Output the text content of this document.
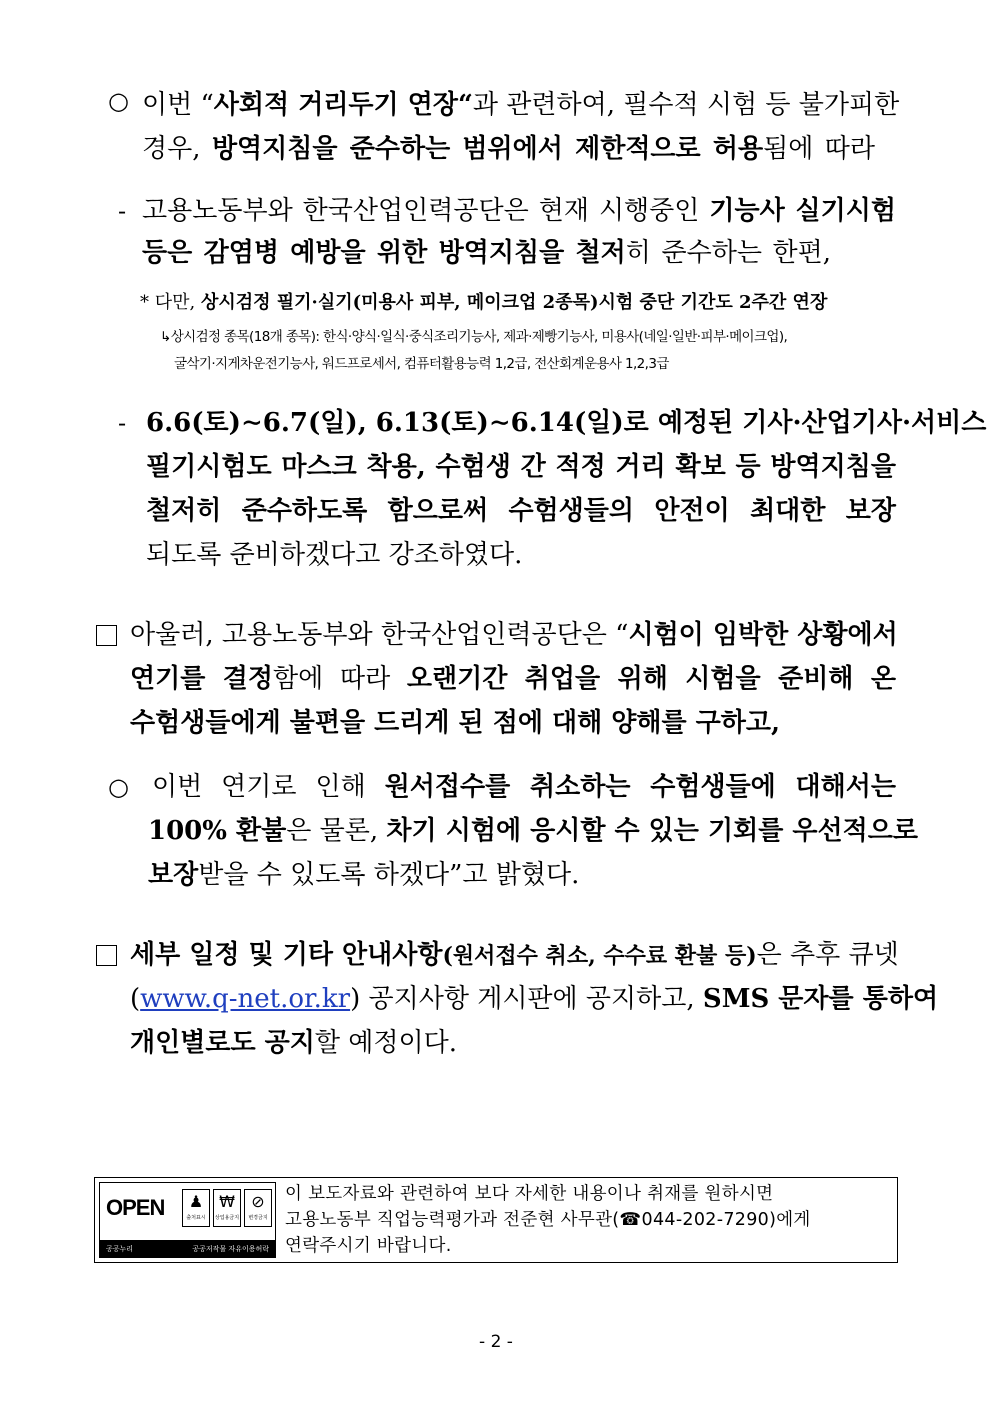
○ 이번 “사회적 거리두기 연장“과 관련하여, 필수적 시험 등 불가피한
경우, 방역지침을 준수하는 범위에서 제한적으로 허용됨에 따라
- 고용노동부와 한국산업인력공단은 현재 시행중인 기능사 실기시험
등은 감염병 예방을 위한 방역지침을 철저히 준수하는 한편,
* 다만, 상시검정 필기·실기(미용사 피부, 메이크업 2종목)시험 중단 기간도 2주간 연장
↳상시검정 종목(18개 종목): 한식·양식·일식·중식조리기능사, 제과·제빵기능사, 미용사(네일·일반·피부·메이크업),
굴삭기·지게차운전기능사, 워드프로세서, 컴퓨터활용능력 1,2급, 전산회계운용사 1,2,3급
- 6.6(토)∼6.7(일), 6.13(토)∼6.14(일)로 예정된 기사·산업기사·서비스
필기시험도 마스크 착용, 수험생 간 적정 거리 확보 등 방역지침을
철저히 준수하도록 함으로써 수험생들의 안전이 최대한 보장
되도록 준비하겠다고 강조하였다.
아울러, 고용노동부와 한국산업인력공단은 “시험이 임박한 상황에서
연기를 결정함에 따라 오랜기간 취업을 위해 시험을 준비해 온
수험생들에게 불편을 드리게 된 점에 대해 양해를 구하고,
○ 이번 연기로 인해 원서접수를 취소하는 수험생들에 대해서는
100% 환불은 물론, 차기 시험에 응시할 수 있는 기회를 우선적으로
보장받을 수 있도록 하겠다”고 밝혔다.
세부 일정 및 기타 안내사항(원서접수 취소, 수수료 환불 등)은 추후 큐넷
(www.q-net.or.kr) 공지사항 게시판에 공지하고, SMS 문자를 통하여
개인별로도 공지할 예정이다.
OPEN ♟
출처표시
₩
상업용금지
⊘
변경금지
공공누리	공공저작물 자유이용허락
이 보도자료와 관련하여 보다 자세한 내용이나 취재를 원하시면
고용노동부 직업능력평가과 전준현 사무관(☎044-202-7290)에게
연락주시기 바랍니다.
- 2 -
